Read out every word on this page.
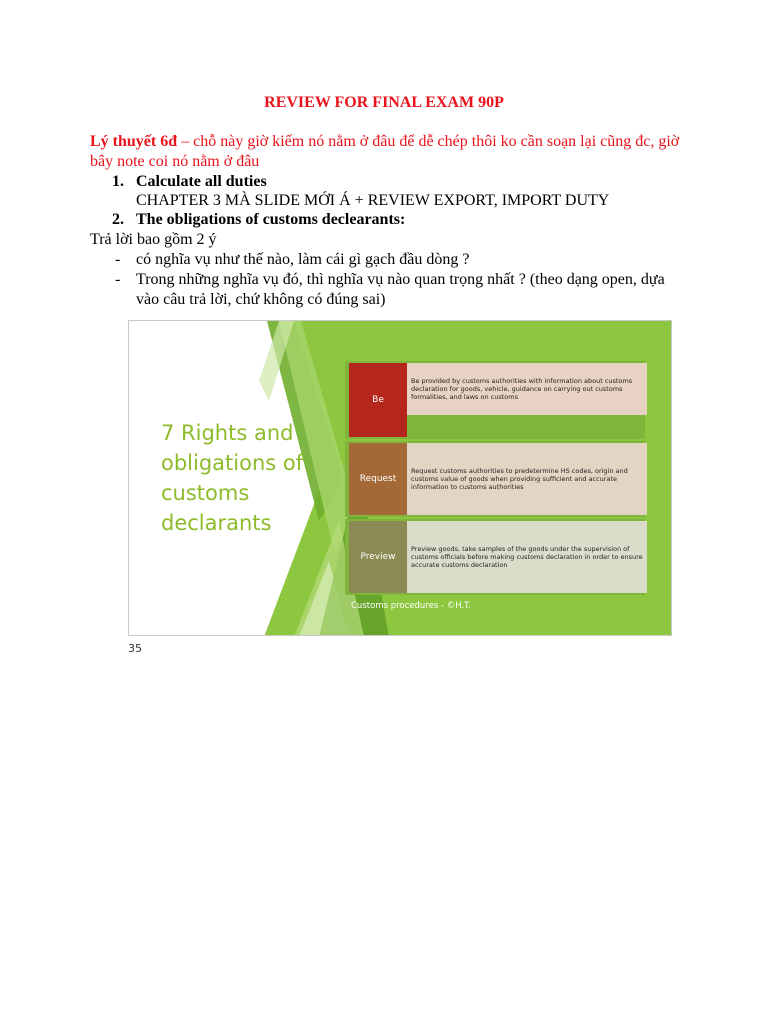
REVIEW FOR FINAL EXAM 90P
Lý thuyết 6đ – chỗ này giờ kiếm nó nằm ở đâu để dễ chép thôi ko cần soạn lại cũng đc, giờ bây note coi nó nằm ở đâu
1. Calculate all duties
CHAPTER 3 MÀ SLIDE MỚI Á + REVIEW EXPORT, IMPORT DUTY
2. The obligations of customs declearants:
Trả lời bao gồm 2 ý
- có nghĩa vụ như thế nào, làm cái gì gạch đầu dòng ?
- Trong những nghĩa vụ đó, thì nghĩa vụ nào quan trọng nhất ? (theo dạng open, dựa vào câu trả lời, chứ không có đúng sai)
7 Rights and obligations of customs declarants
Be
Be provided by customs authorities with information about customs declaration for goods, vehicle, guidance on carrying out customs formalities, and laws on customs
Request
Request customs authorities to predetermine HS codes, origin and customs value of goods when providing sufficient and accurate information to customs authorities
Preview
Preview goods, take samples of the goods under the supervision of customs officials before making customs declaration in order to ensure accurate customs declaration
Customs procedures - ©H.T.
35
